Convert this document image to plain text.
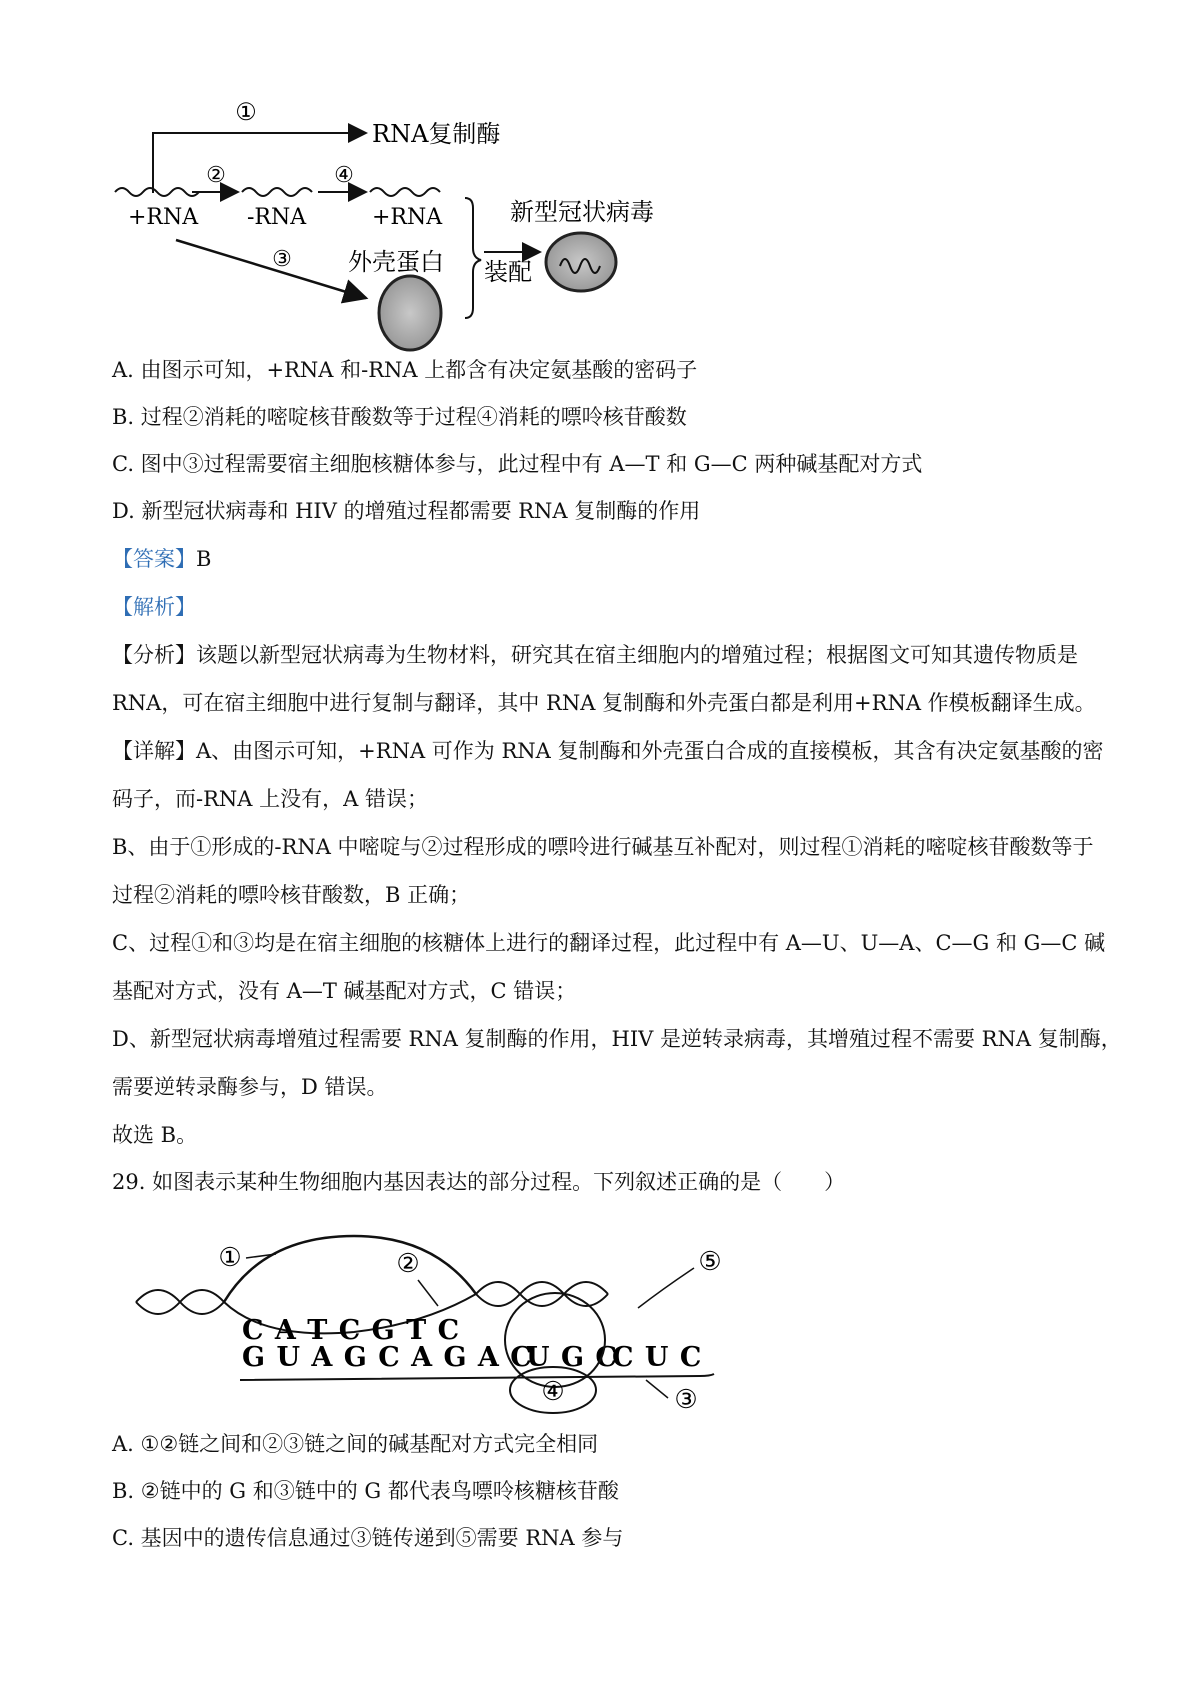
①
RNA复制酶
+RNA
②
-RNA
④
+RNA
③ 外壳蛋白 装配
新型冠状病毒
A. 由图示可知，+RNA 和-RNA 上都含有决定氨基酸的密码子
B. 过程②消耗的嘧啶核苷酸数等于过程④消耗的嘌呤核苷酸数
C. 图中③过程需要宿主细胞核糖体参与，此过程中有 A—T 和 G—C 两种碱基配对方式
D. 新型冠状病毒和 HIV 的增殖过程都需要 RNA 复制酶的作用
【答案】B
【解析】
【分析】该题以新型冠状病毒为生物材料，研究其在宿主细胞内的增殖过程；根据图文可知其遗传物质是
RNA，可在宿主细胞中进行复制与翻译，其中 RNA 复制酶和外壳蛋白都是利用+RNA 作模板翻译生成。
【详解】A、由图示可知，+RNA 可作为 RNA 复制酶和外壳蛋白合成的直接模板，其含有决定氨基酸的密
码子，而-RNA 上没有，A 错误；
B、由于①形成的-RNA 中嘧啶与②过程形成的嘌呤进行碱基互补配对，则过程①消耗的嘧啶核苷酸数等于
过程②消耗的嘌呤核苷酸数，B 正确；
C、过程①和③均是在宿主细胞的核糖体上进行的翻译过程，此过程中有 A—U、U—A、C—G 和 G—C 碱
基配对方式，没有 A—T 碱基配对方式，C 错误；
D、新型冠状病毒增殖过程需要 RNA 复制酶的作用，HIV 是逆转录病毒，其增殖过程不需要 RNA 复制酶，
需要逆转录酶参与，D 错误。
故选 B。
29. 如图表示某种生物细胞内基因表达的部分过程。下列叙述正确的是（　　）
①	②
C A T C G T C
G U A G C A G A C
U G C
C U C
④
⑤
③
A. ①②链之间和②③链之间的碱基配对方式完全相同
B. ②链中的 G 和③链中的 G 都代表鸟嘌呤核糖核苷酸
C. 基因中的遗传信息通过③链传递到⑤需要 RNA 参与
